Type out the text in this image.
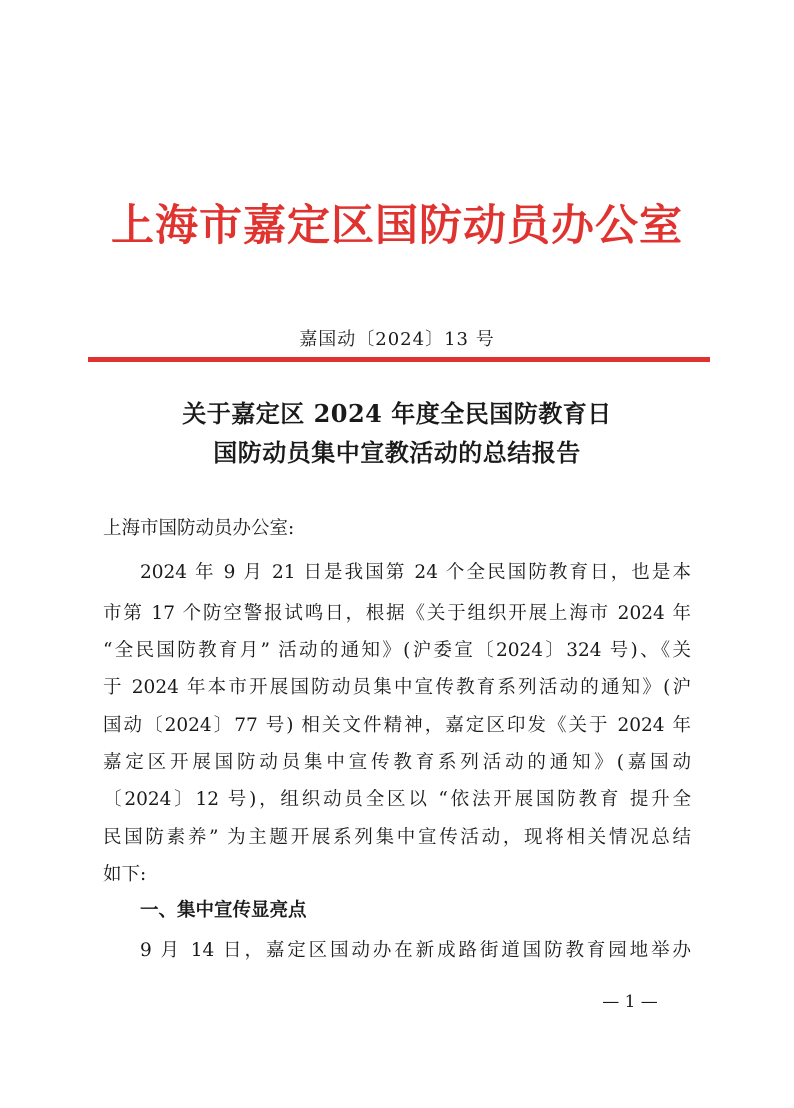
上海市嘉定区国防动员办公室
嘉国动〔2024〕13 号
关于嘉定区 2024 年度全民国防教育日
国防动员集中宣教活动的总结报告
上海市国防动员办公室:
2024 年 9 月 21 日是我国第 24 个全民国防教育日，也是本
市第 17 个防空警报试鸣日，根据《关于组织开展上海市 2024 年
“全民国防教育月” 活动的通知》(沪委宣〔2024〕324 号)、《关
于 2024 年本市开展国防动员集中宣传教育系列活动的通知》(沪
国动〔2024〕77 号) 相关文件精神，嘉定区印发《关于 2024 年
嘉定区开展国防动员集中宣传教育系列活动的通知》(嘉国动
〔2024〕12 号)，组织动员全区以 “依法开展国防教育 提升全
民国防素养” 为主题开展系列集中宣传活动，现将相关情况总结
如下:
一、集中宣传显亮点
9 月 14 日，嘉定区国动办在新成路街道国防教育园地举办
— 1 —
